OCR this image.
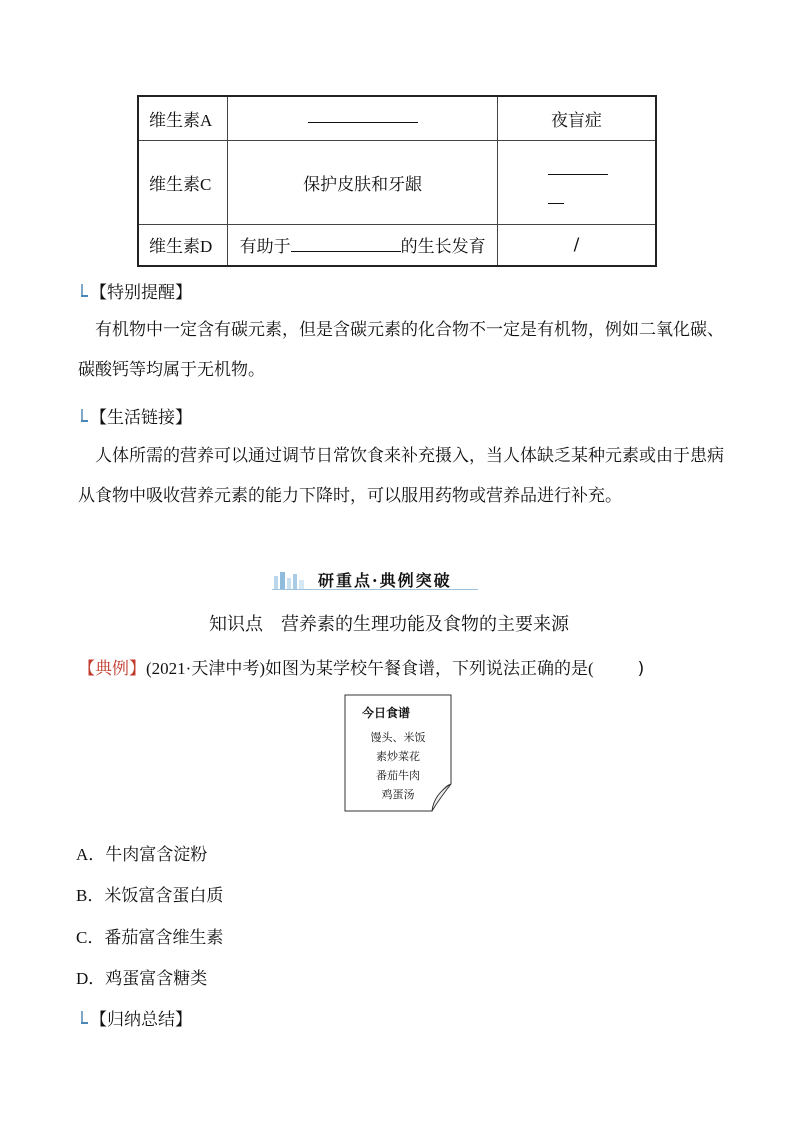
维生素A		夜盲症
维生素C	保护皮肤和牙龈	

维生素D	有助于 的生长发育	/
【特别提醒】
有机物中一定含有碳元素，但是含碳元素的化合物不一定是有机物，例如二氧化碳、碳酸钙等均属于无机物。
【生活链接】
人体所需的营养可以通过调节日常饮食来补充摄入，当人体缺乏某种元素或由于患病从食物中吸收营养元素的能力下降时，可以服用药物或营养品进行补充。
研重点·典例突破
知识点　营养素的生理功能及食物的主要来源
【典例】(2021·天津中考)如图为某学校午餐食谱，下列说法正确的是(	)
今日食谱
馒头、米饭
素炒菜花
番茄牛肉
鸡蛋汤
A．牛肉富含淀粉
B．米饭富含蛋白质
C．番茄富含维生素
D．鸡蛋富含糖类
【归纳总结】
